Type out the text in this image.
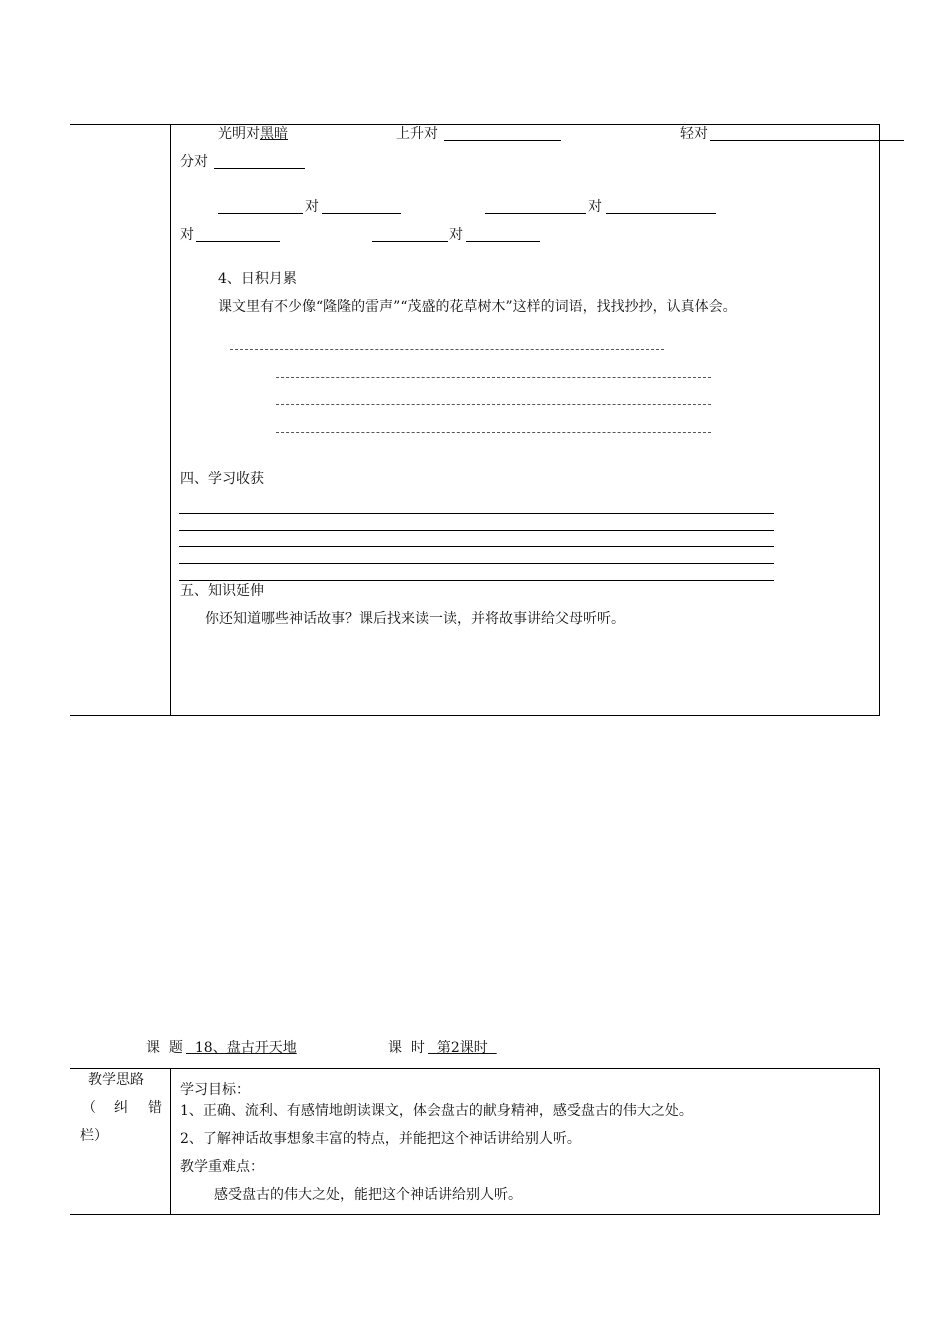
光明对黑暗	上升对	轻对
分对
对	对
对	对
4、日积月累
课文里有不少像“隆隆的雷声”“茂盛的花草树木”这样的词语，找找抄抄，认真体会。
四、学习收获
五、知识延伸
你还知道哪些神话故事？课后找来读一读，并将故事讲给父母听听。
课  题 18、盘古开天地	课  时 第2课时
教学思路
（ 纠 错
栏）
学习目标：
1、正确、流利、有感情地朗读课文，体会盘古的献身精神，感受盘古的伟大之处。
2、了解神话故事想象丰富的特点，并能把这个神话讲给别人听。
教学重难点：
感受盘古的伟大之处，能把这个神话讲给别人听。
